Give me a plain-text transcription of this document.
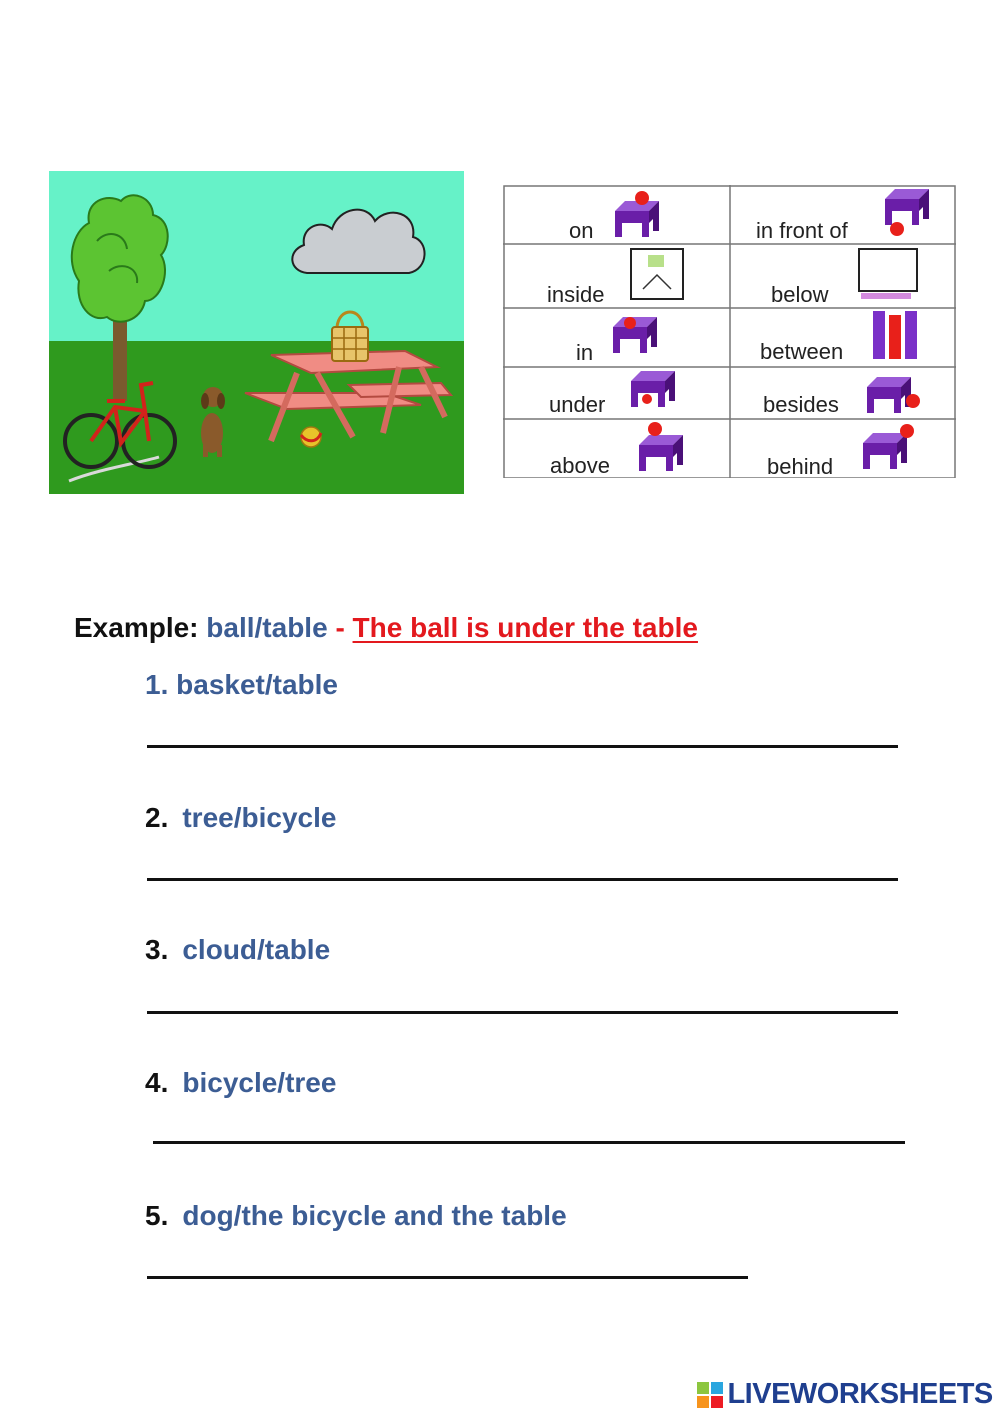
on	in front of
inside	below
in	between
under	besides
above	behind
Example: ball/table - The ball is under the table
1. basket/table
2. tree/bicycle
3. cloud/table
4. bicycle/tree
5. dog/the bicycle and the table
LIVEWORKSHEETS
